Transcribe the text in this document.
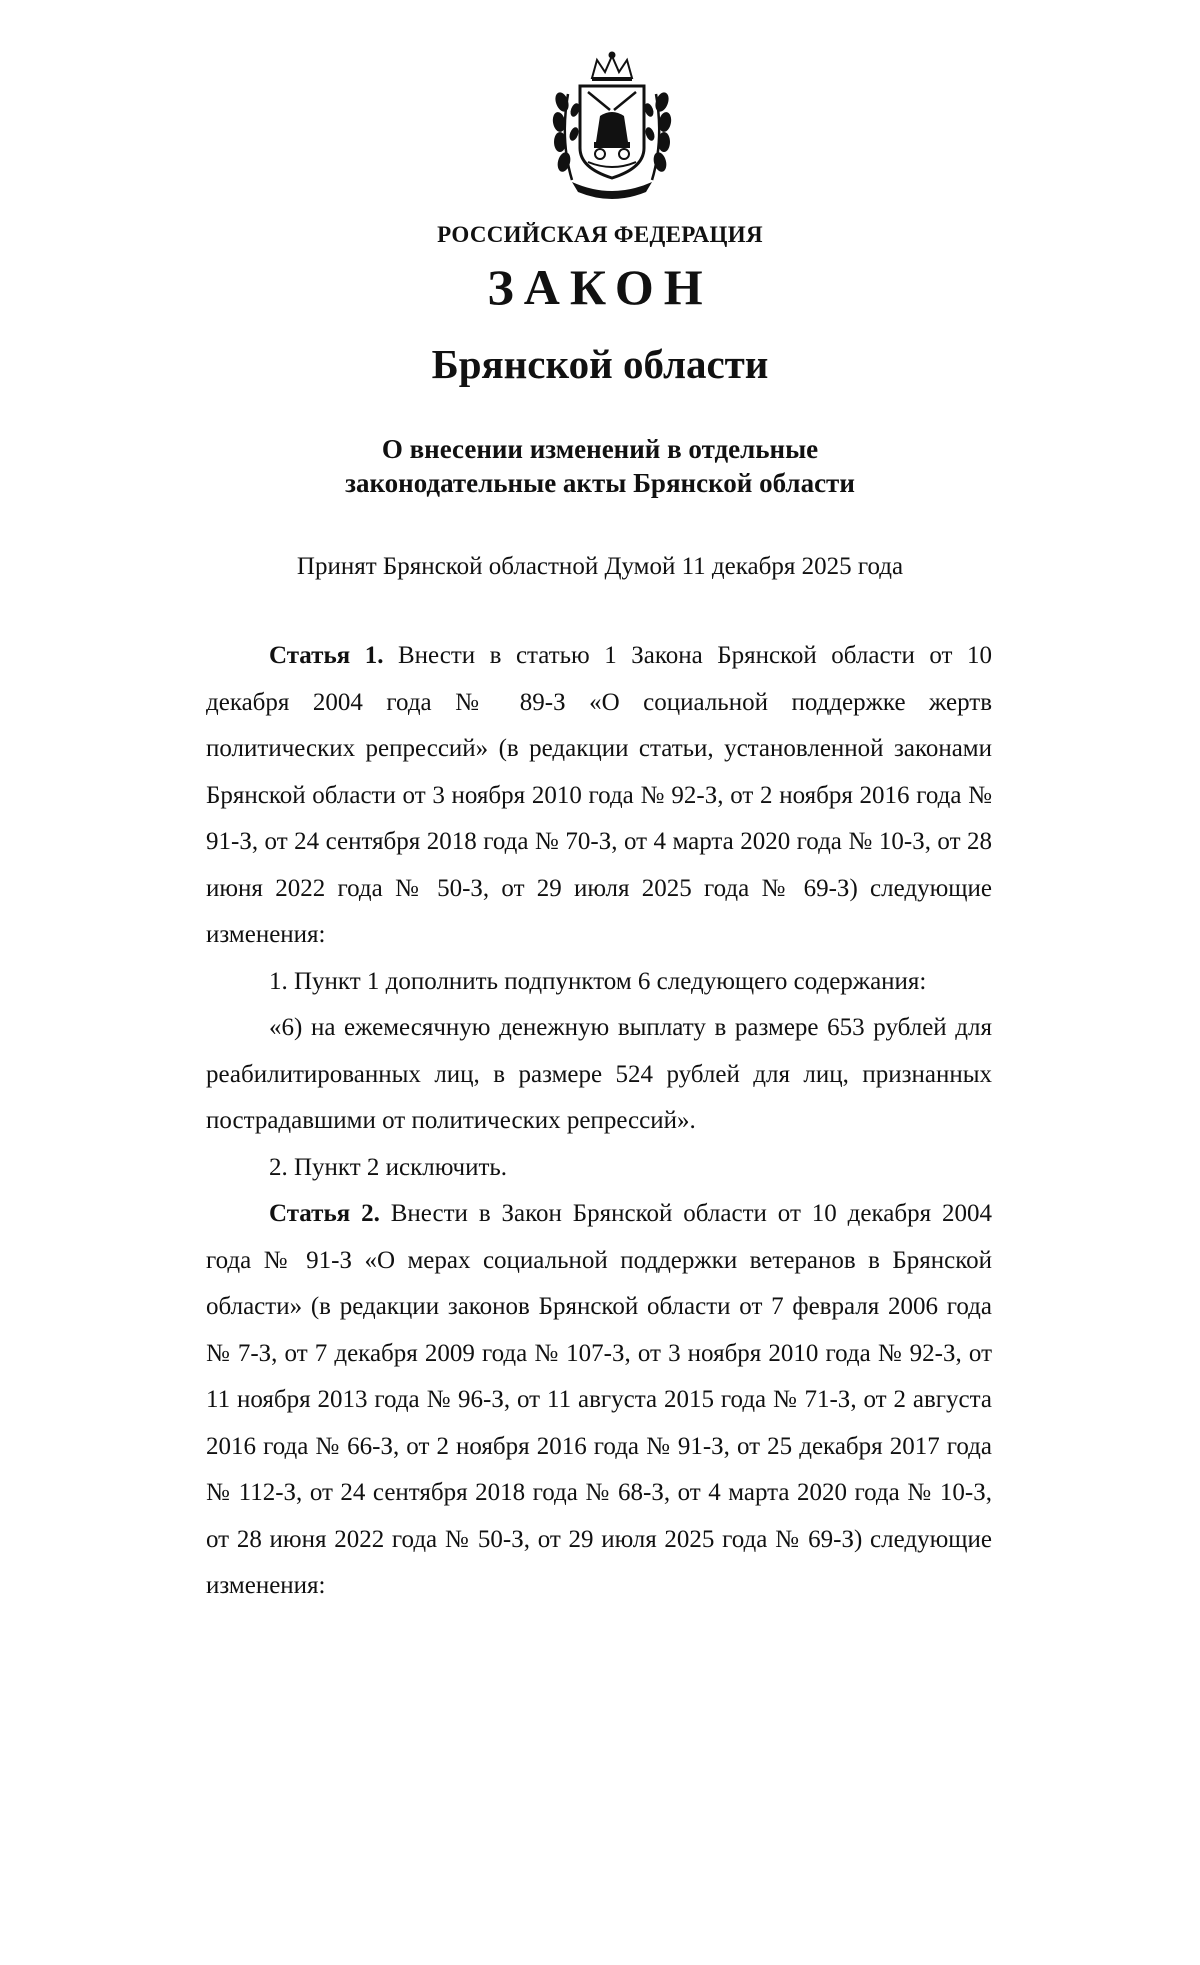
РОССИЙСКАЯ ФЕДЕРАЦИЯ
ЗАКОН
Брянской области
О внесении изменений в отдельные
законодательные акты Брянской области
Принят Брянской областной Думой 11 декабря 2025 года

Статья 1. Внести в статью 1 Закона Брянской области от 10 декабря 2004 года № 89-З «О социальной поддержке жертв политических репрессий» (в редакции статьи, установленной законами Брянской области от 3 ноября 2010 года № 92-З, от 2 ноября 2016 года № 91-З, от 24 сентября 2018 года № 70-З, от 4 марта 2020 года № 10-З, от 28 июня 2022 года № 50-З, от 29 июля 2025 года № 69-З) следующие изменения:

1. Пункт 1 дополнить подпунктом 6 следующего содержания:

«6) на ежемесячную денежную выплату в размере 653 рублей для реабилитированных лиц, в размере 524 рублей для лиц, признанных пострадавшими от политических репрессий».

2. Пункт 2 исключить.

Статья 2. Внести в Закон Брянской области от 10 декабря 2004 года № 91-З «О мерах социальной поддержки ветеранов в Брянской области» (в редакции законов Брянской области от 7 февраля 2006 года № 7-З, от 7 декабря 2009 года № 107-З, от 3 ноября 2010 года № 92-З, от 11 ноября 2013 года № 96-З, от 11 августа 2015 года № 71-З, от 2 августа 2016 года № 66-З, от 2 ноября 2016 года № 91-З, от 25 декабря 2017 года № 112-З, от 24 сентября 2018 года № 68-З, от 4 марта 2020 года № 10-З, от 28 июня 2022 года № 50-З, от 29 июля 2025 года № 69-З) следующие изменения:
